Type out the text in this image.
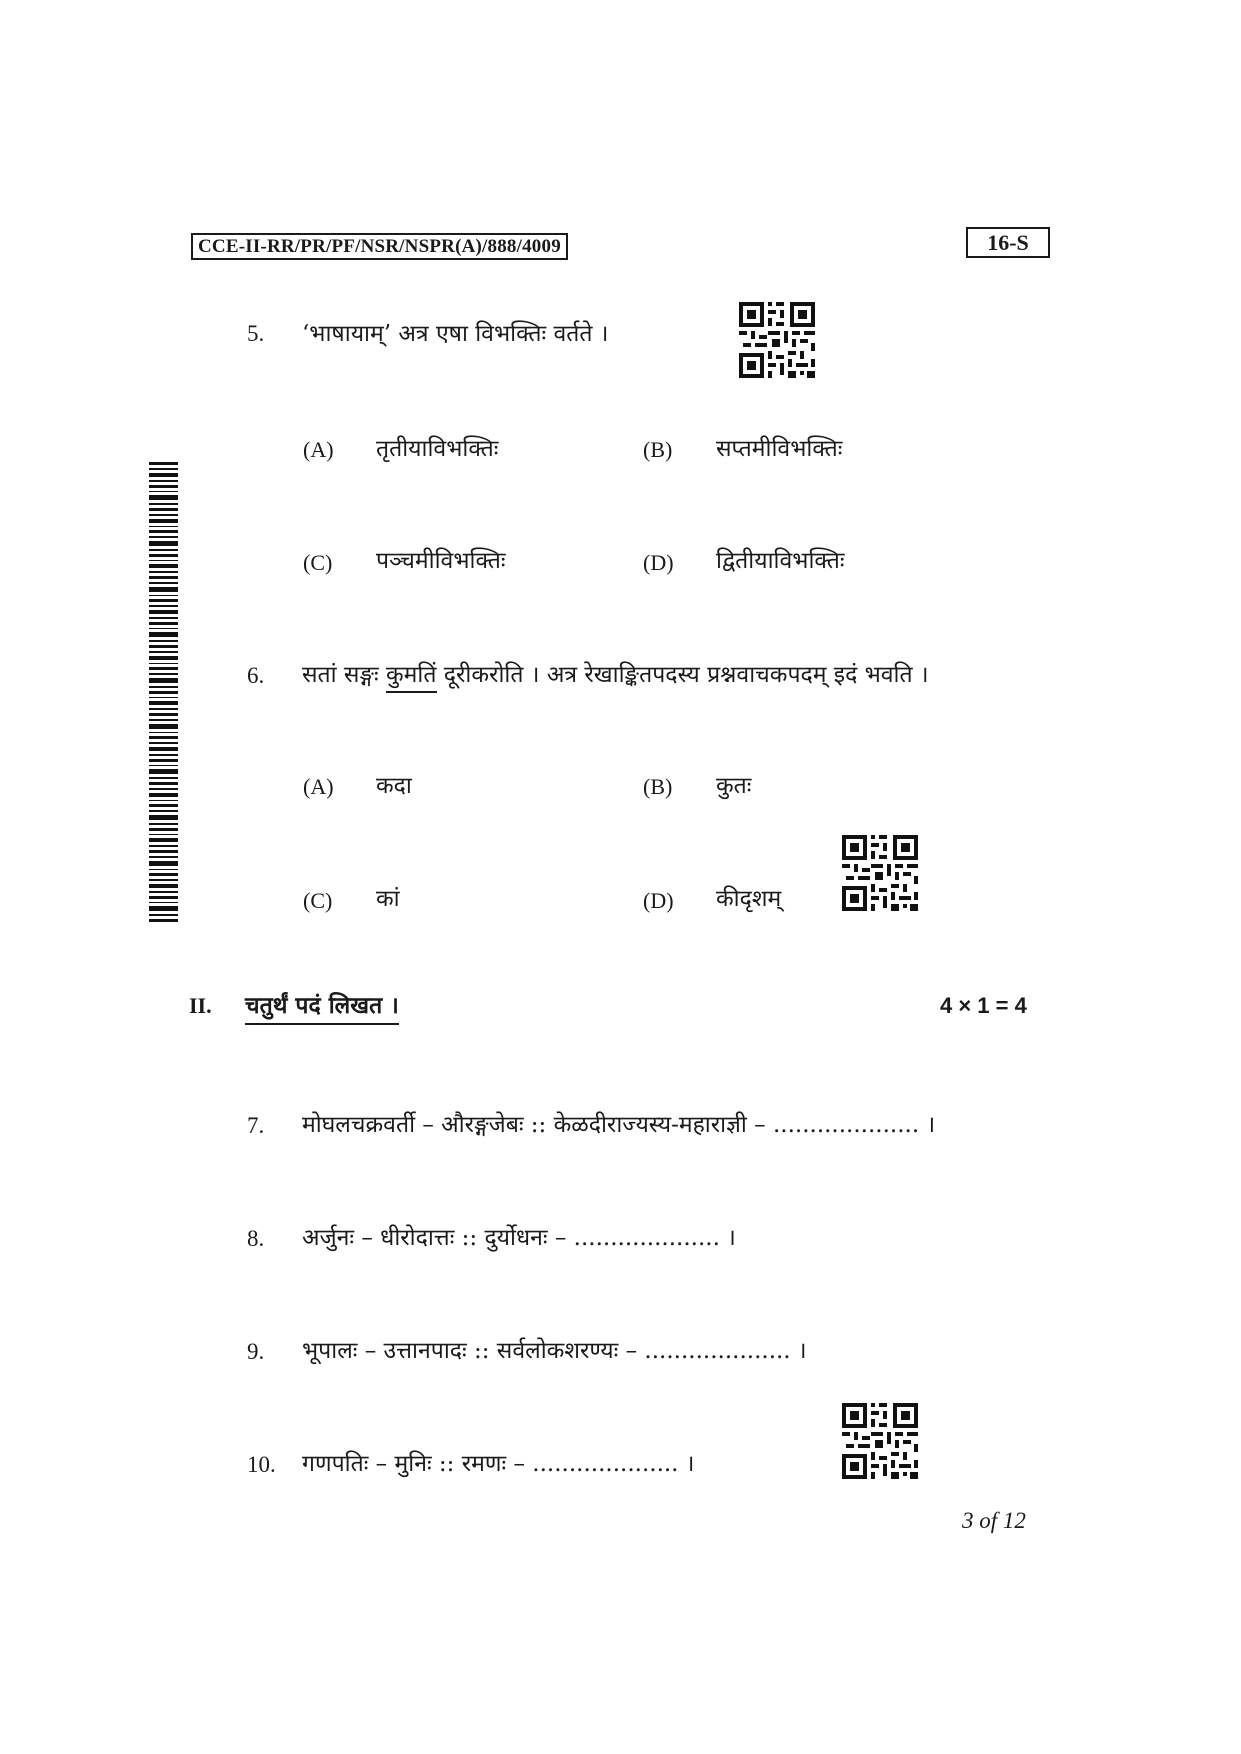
CCE-II-RR/PR/PF/NSR/NSPR(A)/888/4009	16-S
5. ‘भाषायाम्’ अत्र एषा विभक्तिः वर्तते ।
(A) तृतीयाविभक्तिः	(B) सप्तमीविभक्तिः
(C) पञ्चमीविभक्तिः	(D) द्वितीयाविभक्तिः
6. सतां सङ्गः कुमतिं दूरीकरोति । अत्र रेखाङ्कितपदस्य प्रश्नवाचकपदम् इदं भवति ।
(A) कदा	(B) कुतः
(C) कां	(D) कीदृशम्
II. चतुर्थं पदं लिखत ।	4 × 1 = 4
7. मोघलचक्रवर्ती – औरङ्गजेबः :: केळदीराज्यस्य-महाराज्ञी – .................... ।
8. अर्जुनः – धीरोदात्तः :: दुर्योधनः – .................... ।
9. भूपालः – उत्तानपादः :: सर्वलोकशरण्यः – .................... ।
10. गणपतिः – मुनिः :: रमणः – .................... ।
3 of 12
